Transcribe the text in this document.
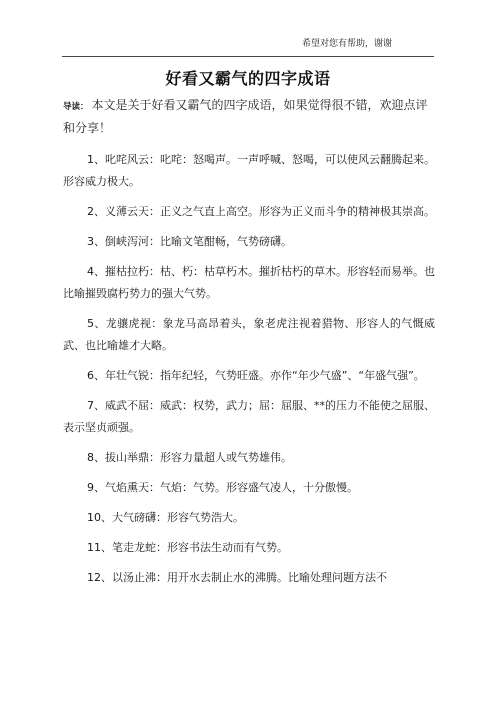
希望对您有帮助，谢谢
好看又霸气的四字成语
导读： 本文是关于好看又霸气的四字成语，如果觉得很不错，欢迎点评和分享！

1、叱咤风云：叱咤：怒喝声。一声呼喊、怒喝，可以使风云翻腾起来。形容威力极大。

2、义薄云天：正义之气直上高空。形容为正义而斗争的精神极其崇高。

3、倒峡泻河：比喻文笔酣畅，气势磅礴。

4、摧枯拉朽：枯、朽：枯草朽木。摧折枯朽的草木。形容轻而易举。也比喻摧毁腐朽势力的强大气势。

5、龙骧虎视：象龙马高昂着头，象老虎注视着猎物、形容人的气慨威武、也比喻雄才大略。

6、年壮气锐：指年纪轻，气势旺盛。亦作“年少气盛”、“年盛气强”。

7、威武不屈：威武：权势，武力；屈：屈服、**的压力不能使之屈服、表示坚贞顽强。

8、拔山举鼎：形容力量超人或气势雄伟。

9、气焰熏天：气焰：气势。形容盛气凌人，十分傲慢。

10、大气磅礴：形容气势浩大。

11、笔走龙蛇：形容书法生动而有气势。

12、以汤止沸：用开水去制止水的沸腾。比喻处理问题方法不
